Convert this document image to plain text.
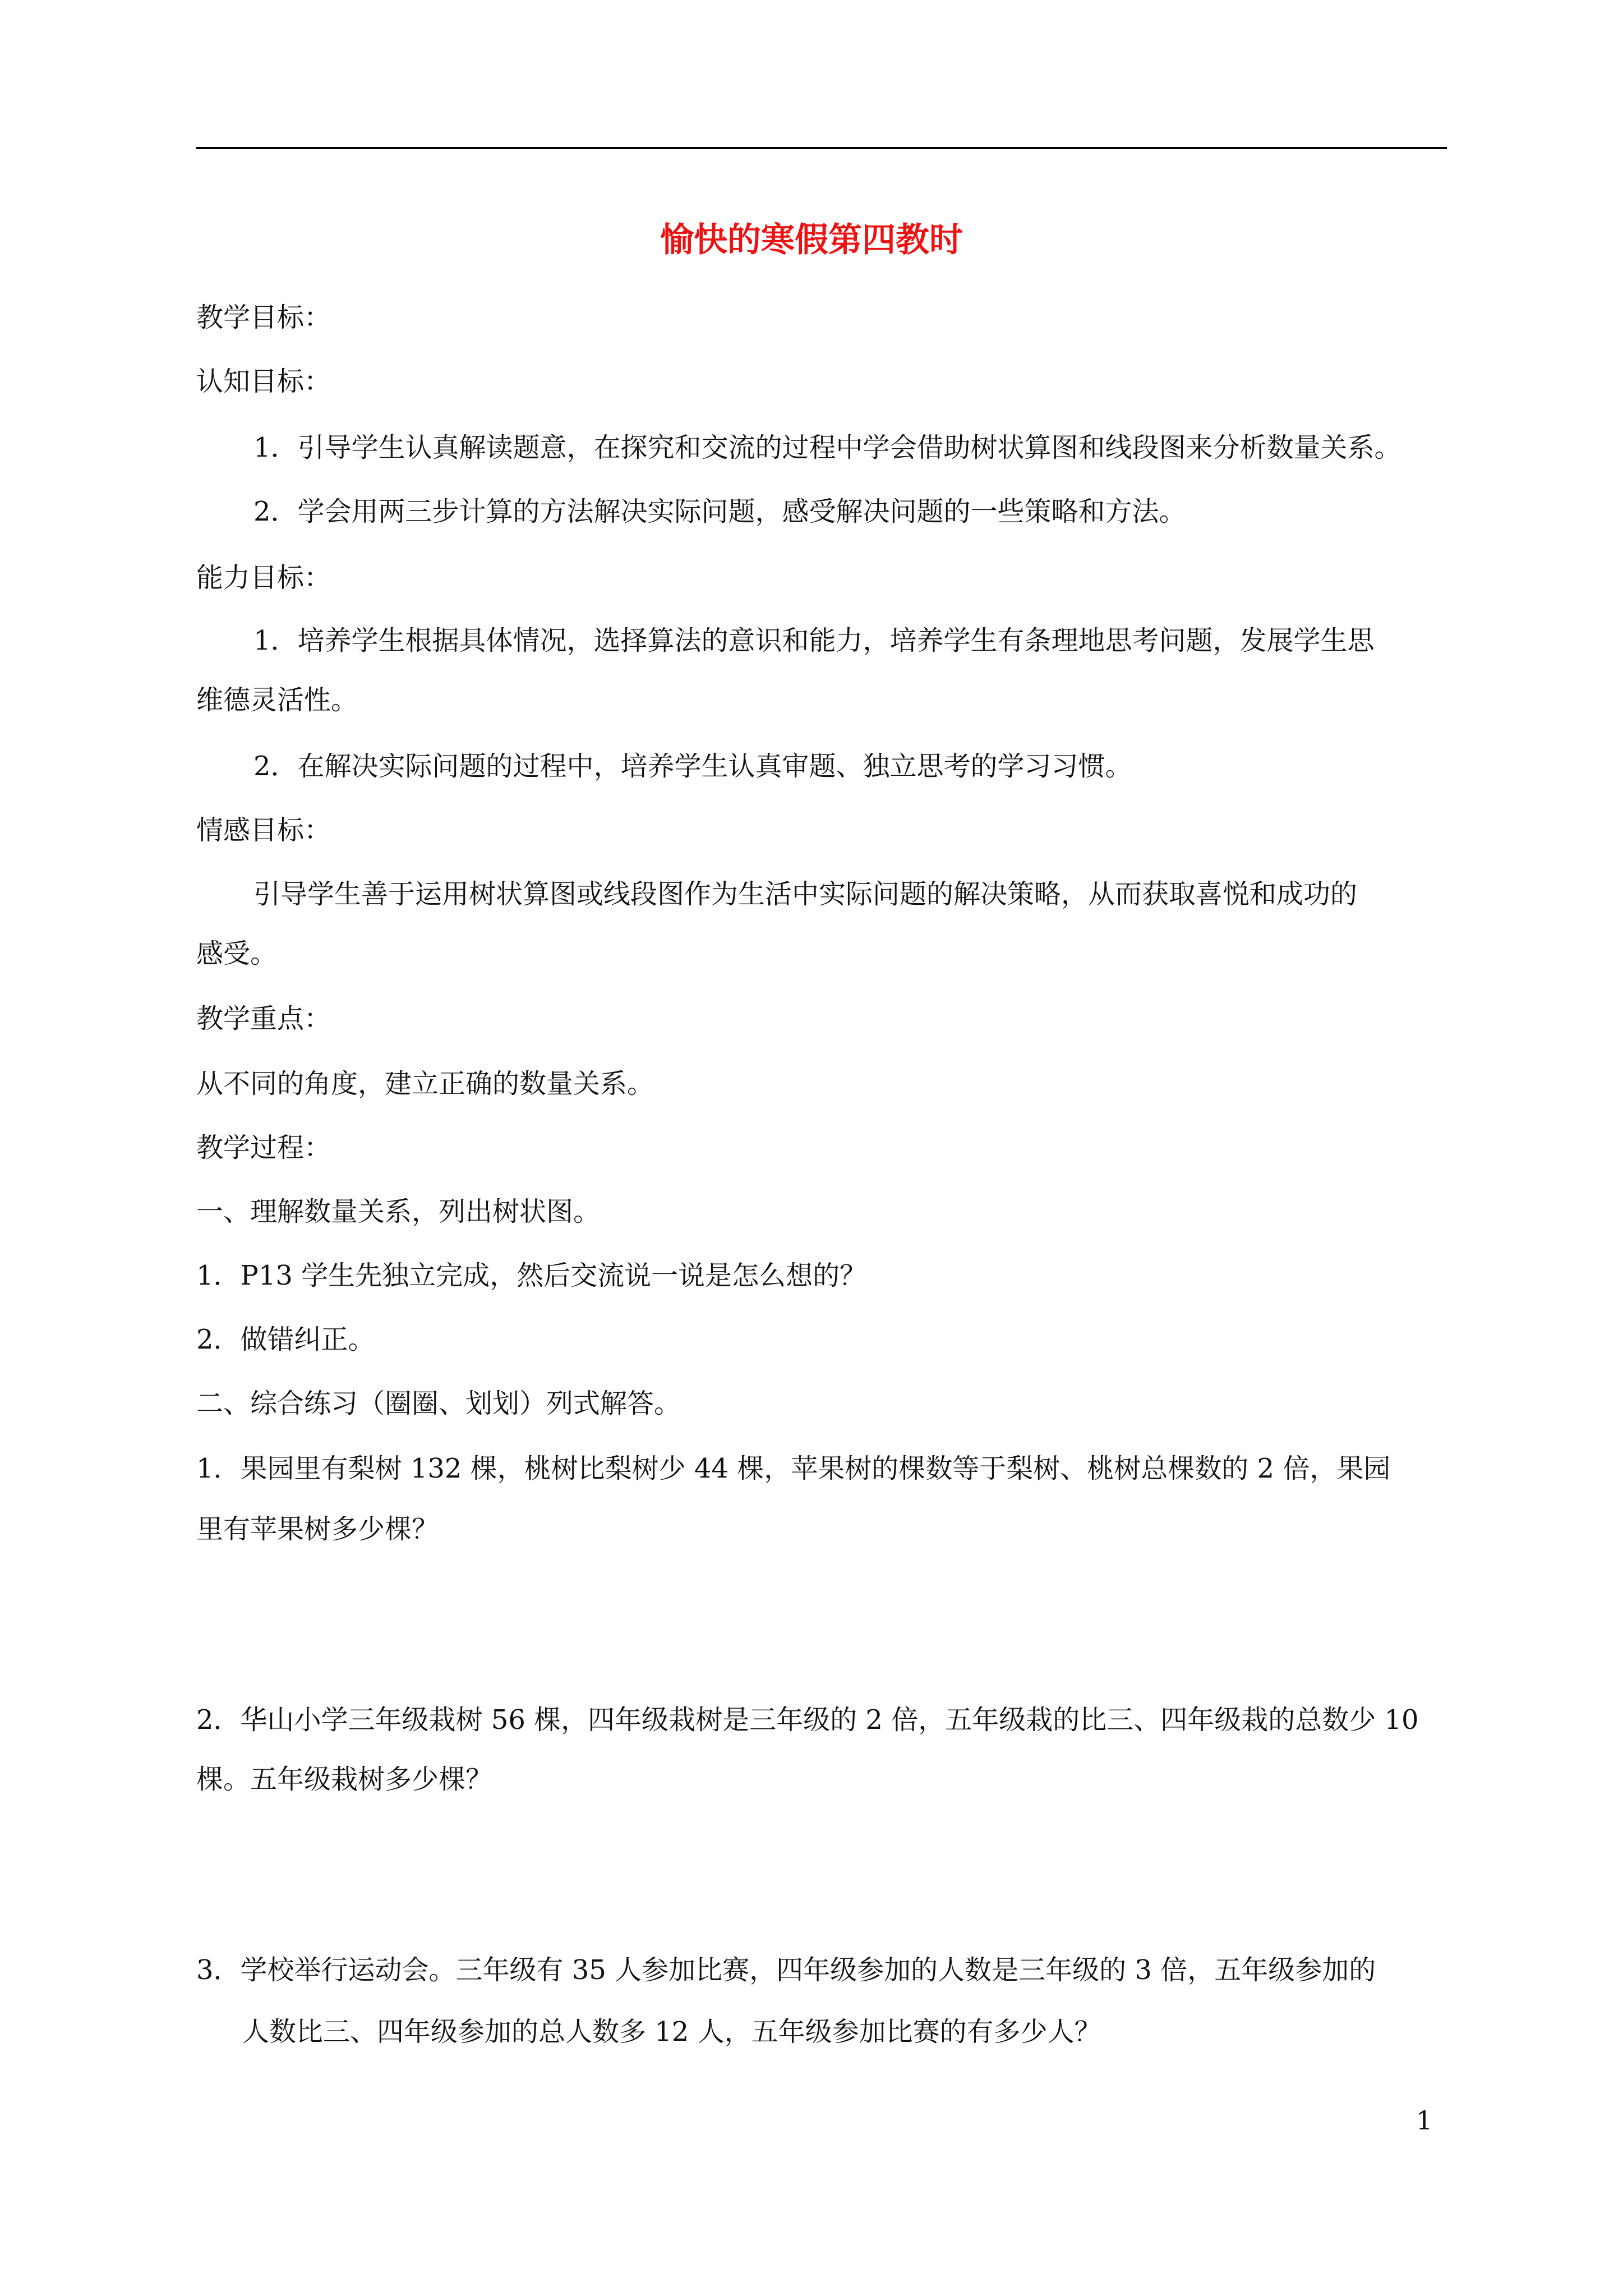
愉快的寒假第四教时
教学目标：
认知目标：
1．引导学生认真解读题意，在探究和交流的过程中学会借助树状算图和线段图来分析数量关系。
2．学会用两三步计算的方法解决实际问题，感受解决问题的一些策略和方法。
能力目标：
1．培养学生根据具体情况，选择算法的意识和能力，培养学生有条理地思考问题，发展学生思
维德灵活性。
2．在解决实际问题的过程中，培养学生认真审题、独立思考的学习习惯。
情感目标：
引导学生善于运用树状算图或线段图作为生活中实际问题的解决策略，从而获取喜悦和成功的
感受。
教学重点：
从不同的角度，建立正确的数量关系。
教学过程：
一、理解数量关系，列出树状图。
1．P13 学生先独立完成，然后交流说一说是怎么想的？
2．做错纠正。
二、综合练习（圈圈、划划）列式解答。
1．果园里有梨树 132 棵，桃树比梨树少 44 棵，苹果树的棵数等于梨树、桃树总棵数的 2 倍，果园
里有苹果树多少棵？
2．华山小学三年级栽树 56 棵，四年级栽树是三年级的 2 倍，五年级栽的比三、四年级栽的总数少 10
棵。五年级栽树多少棵？
3．学校举行运动会。三年级有 35 人参加比赛，四年级参加的人数是三年级的 3 倍，五年级参加的
人数比三、四年级参加的总人数多 12 人，五年级参加比赛的有多少人？
1
